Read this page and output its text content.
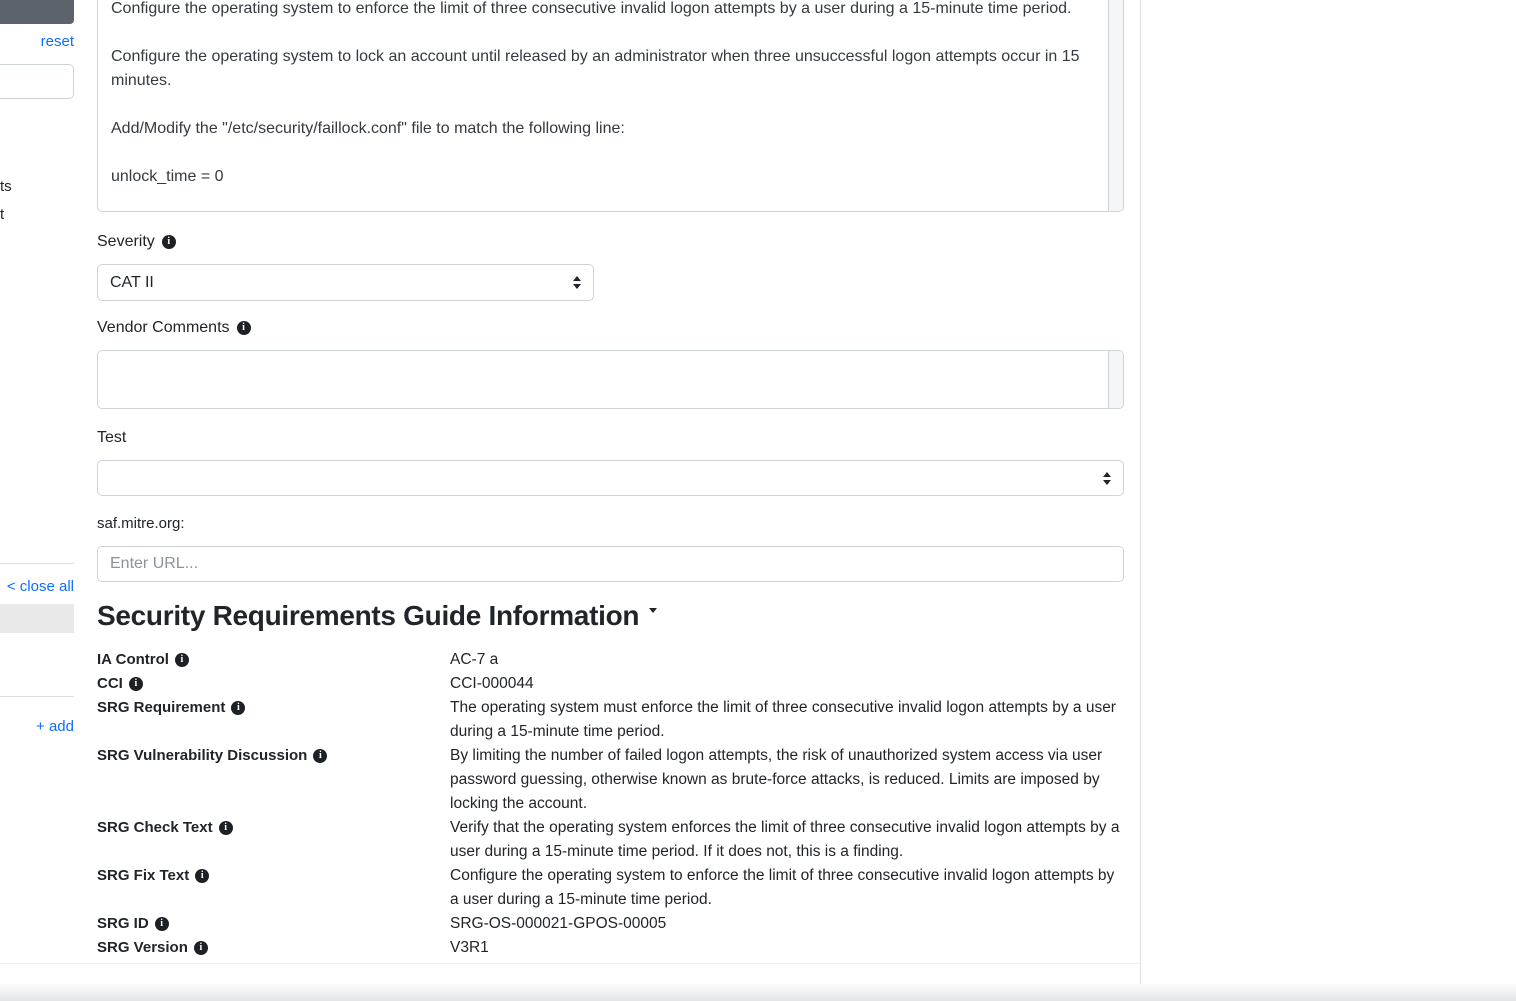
reset
ts
t
< close all
+ add

Configure the operating system to enforce the limit of three consecutive invalid logon attempts by a user during a 15-minute time period.

Configure the operating system to lock an account until released by an administrator when three unsuccessful logon attempts occur in 15 minutes.

Add/Modify the "/etc/security/faillock.conf" file to match the following line:

unlock_time = 0

Severity	i
CAT II
Vendor Comments	i
Test
saf.mitre.org:
Enter URL...
Security Requirements Guide Information
IA Control	i	AC-7 a
CCI	i	CCI-000044
SRG Requirement	i	The operating system must enforce the limit of three consecutive invalid logon attempts by a user during a 15-minute time period.
SRG Vulnerability Discussion	i	By limiting the number of failed logon attempts, the risk of unauthorized system access via user password guessing, otherwise known as brute-force attacks, is reduced. Limits are imposed by locking the account.
SRG Check Text	i	Verify that the operating system enforces the limit of three consecutive invalid logon attempts by a user during a 15-minute time period. If it does not, this is a finding.
SRG Fix Text	i	Configure the operating system to enforce the limit of three consecutive invalid logon attempts by a user during a 15-minute time period.
SRG ID	i	SRG-OS-000021-GPOS-00005
SRG Version	i	V3R1
